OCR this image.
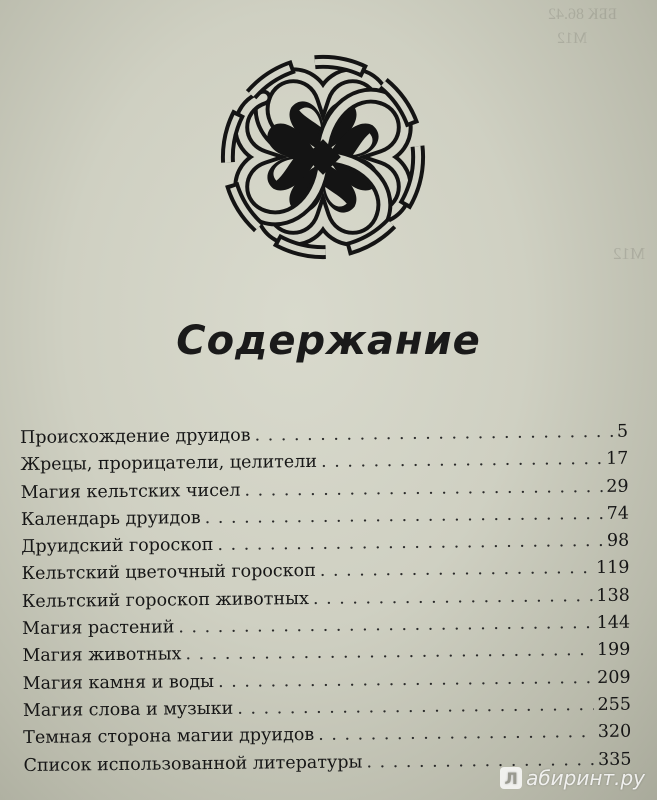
ББК 86.42
М12
М12
Содержание
Происхождение друидов . . .	5
Жрецы, прорицатели, целители . . .	17
Магия кельтских чисел . . .	29
Календарь друидов . . .	74
Друидский гороскоп . . .	98
Кельтский цветочный гороскоп . . .	119
Кельтский гороскоп животных . . .	138
Магия растений . . .	144
Магия животных . . .	199
Магия камня и воды . . .	209
Магия слова и музыки . . .	255
Темная сторона магии друидов . . .	320
Список использованной литературы . . .	335
Л абиринт.ру
